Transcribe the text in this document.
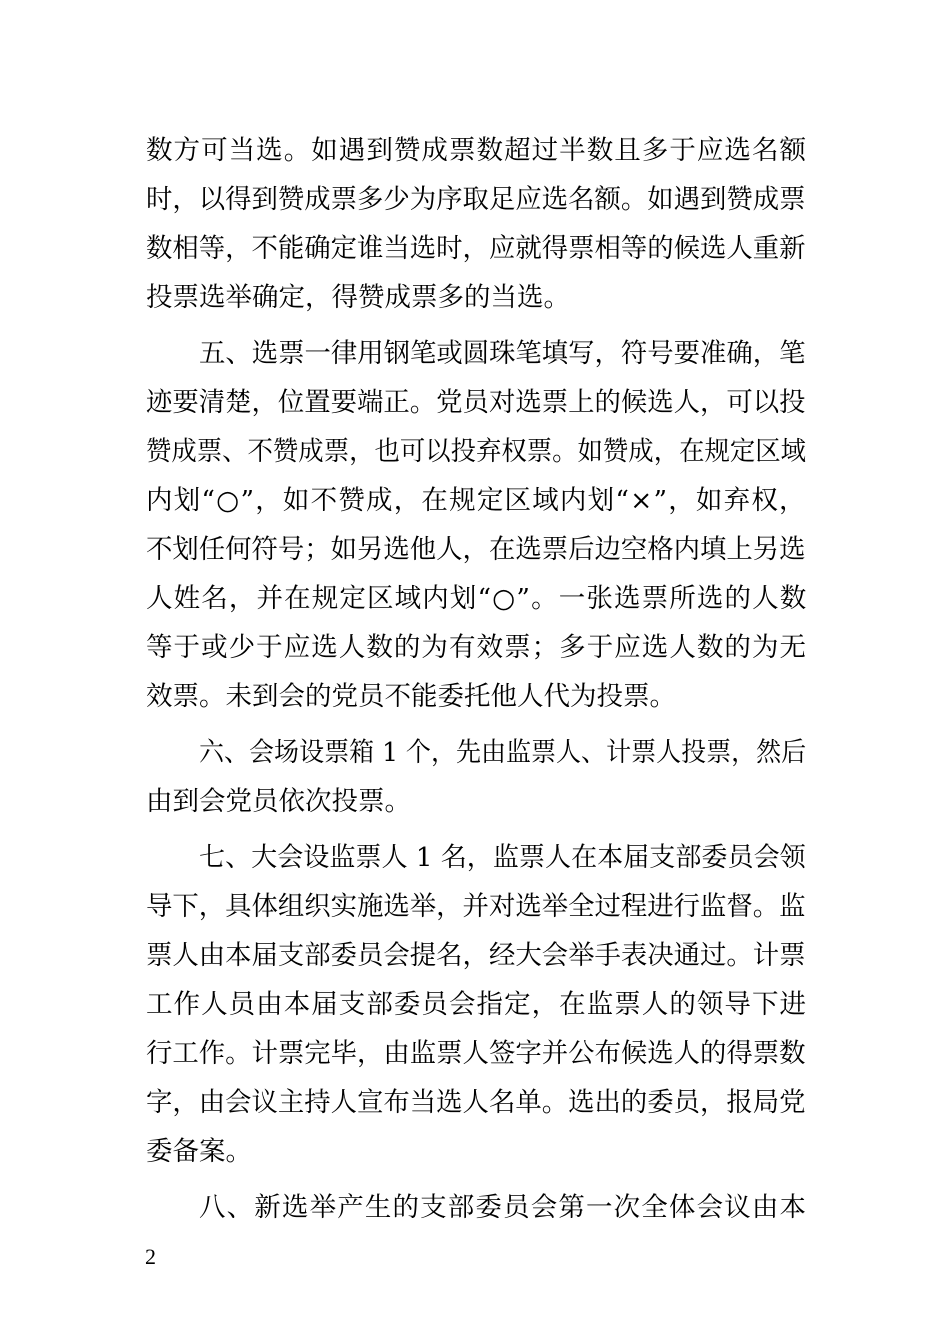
数方可当选。如遇到赞成票数超过半数且多于应选名额
时，以得到赞成票多少为序取足应选名额。如遇到赞成票
数相等，不能确定谁当选时，应就得票相等的候选人重新
投票选举确定，得赞成票多的当选。
五、选票一律用钢笔或圆珠笔填写，符号要准确，笔
迹要清楚，位置要端正。党员对选票上的候选人，可以投
赞成票、不赞成票，也可以投弃权票。如赞成，在规定区域
内划“○”，如不赞成，在规定区域内划“×”，如弃权，
不划任何符号；如另选他人，在选票后边空格内填上另选
人姓名，并在规定区域内划“○”。一张选票所选的人数
等于或少于应选人数的为有效票；多于应选人数的为无
效票。未到会的党员不能委托他人代为投票。
六、会场设票箱 1 个，先由监票人、计票人投票，然后
由到会党员依次投票。
七、大会设监票人 1 名，监票人在本届支部委员会领
导下，具体组织实施选举，并对选举全过程进行监督。监
票人由本届支部委员会提名，经大会举手表决通过。计票
工作人员由本届支部委员会指定，在监票人的领导下进
行工作。计票完毕，由监票人签字并公布候选人的得票数
字，由会议主持人宣布当选人名单。选出的委员，报局党
委备案。
八、新选举产生的支部委员会第一次全体会议由本
2
